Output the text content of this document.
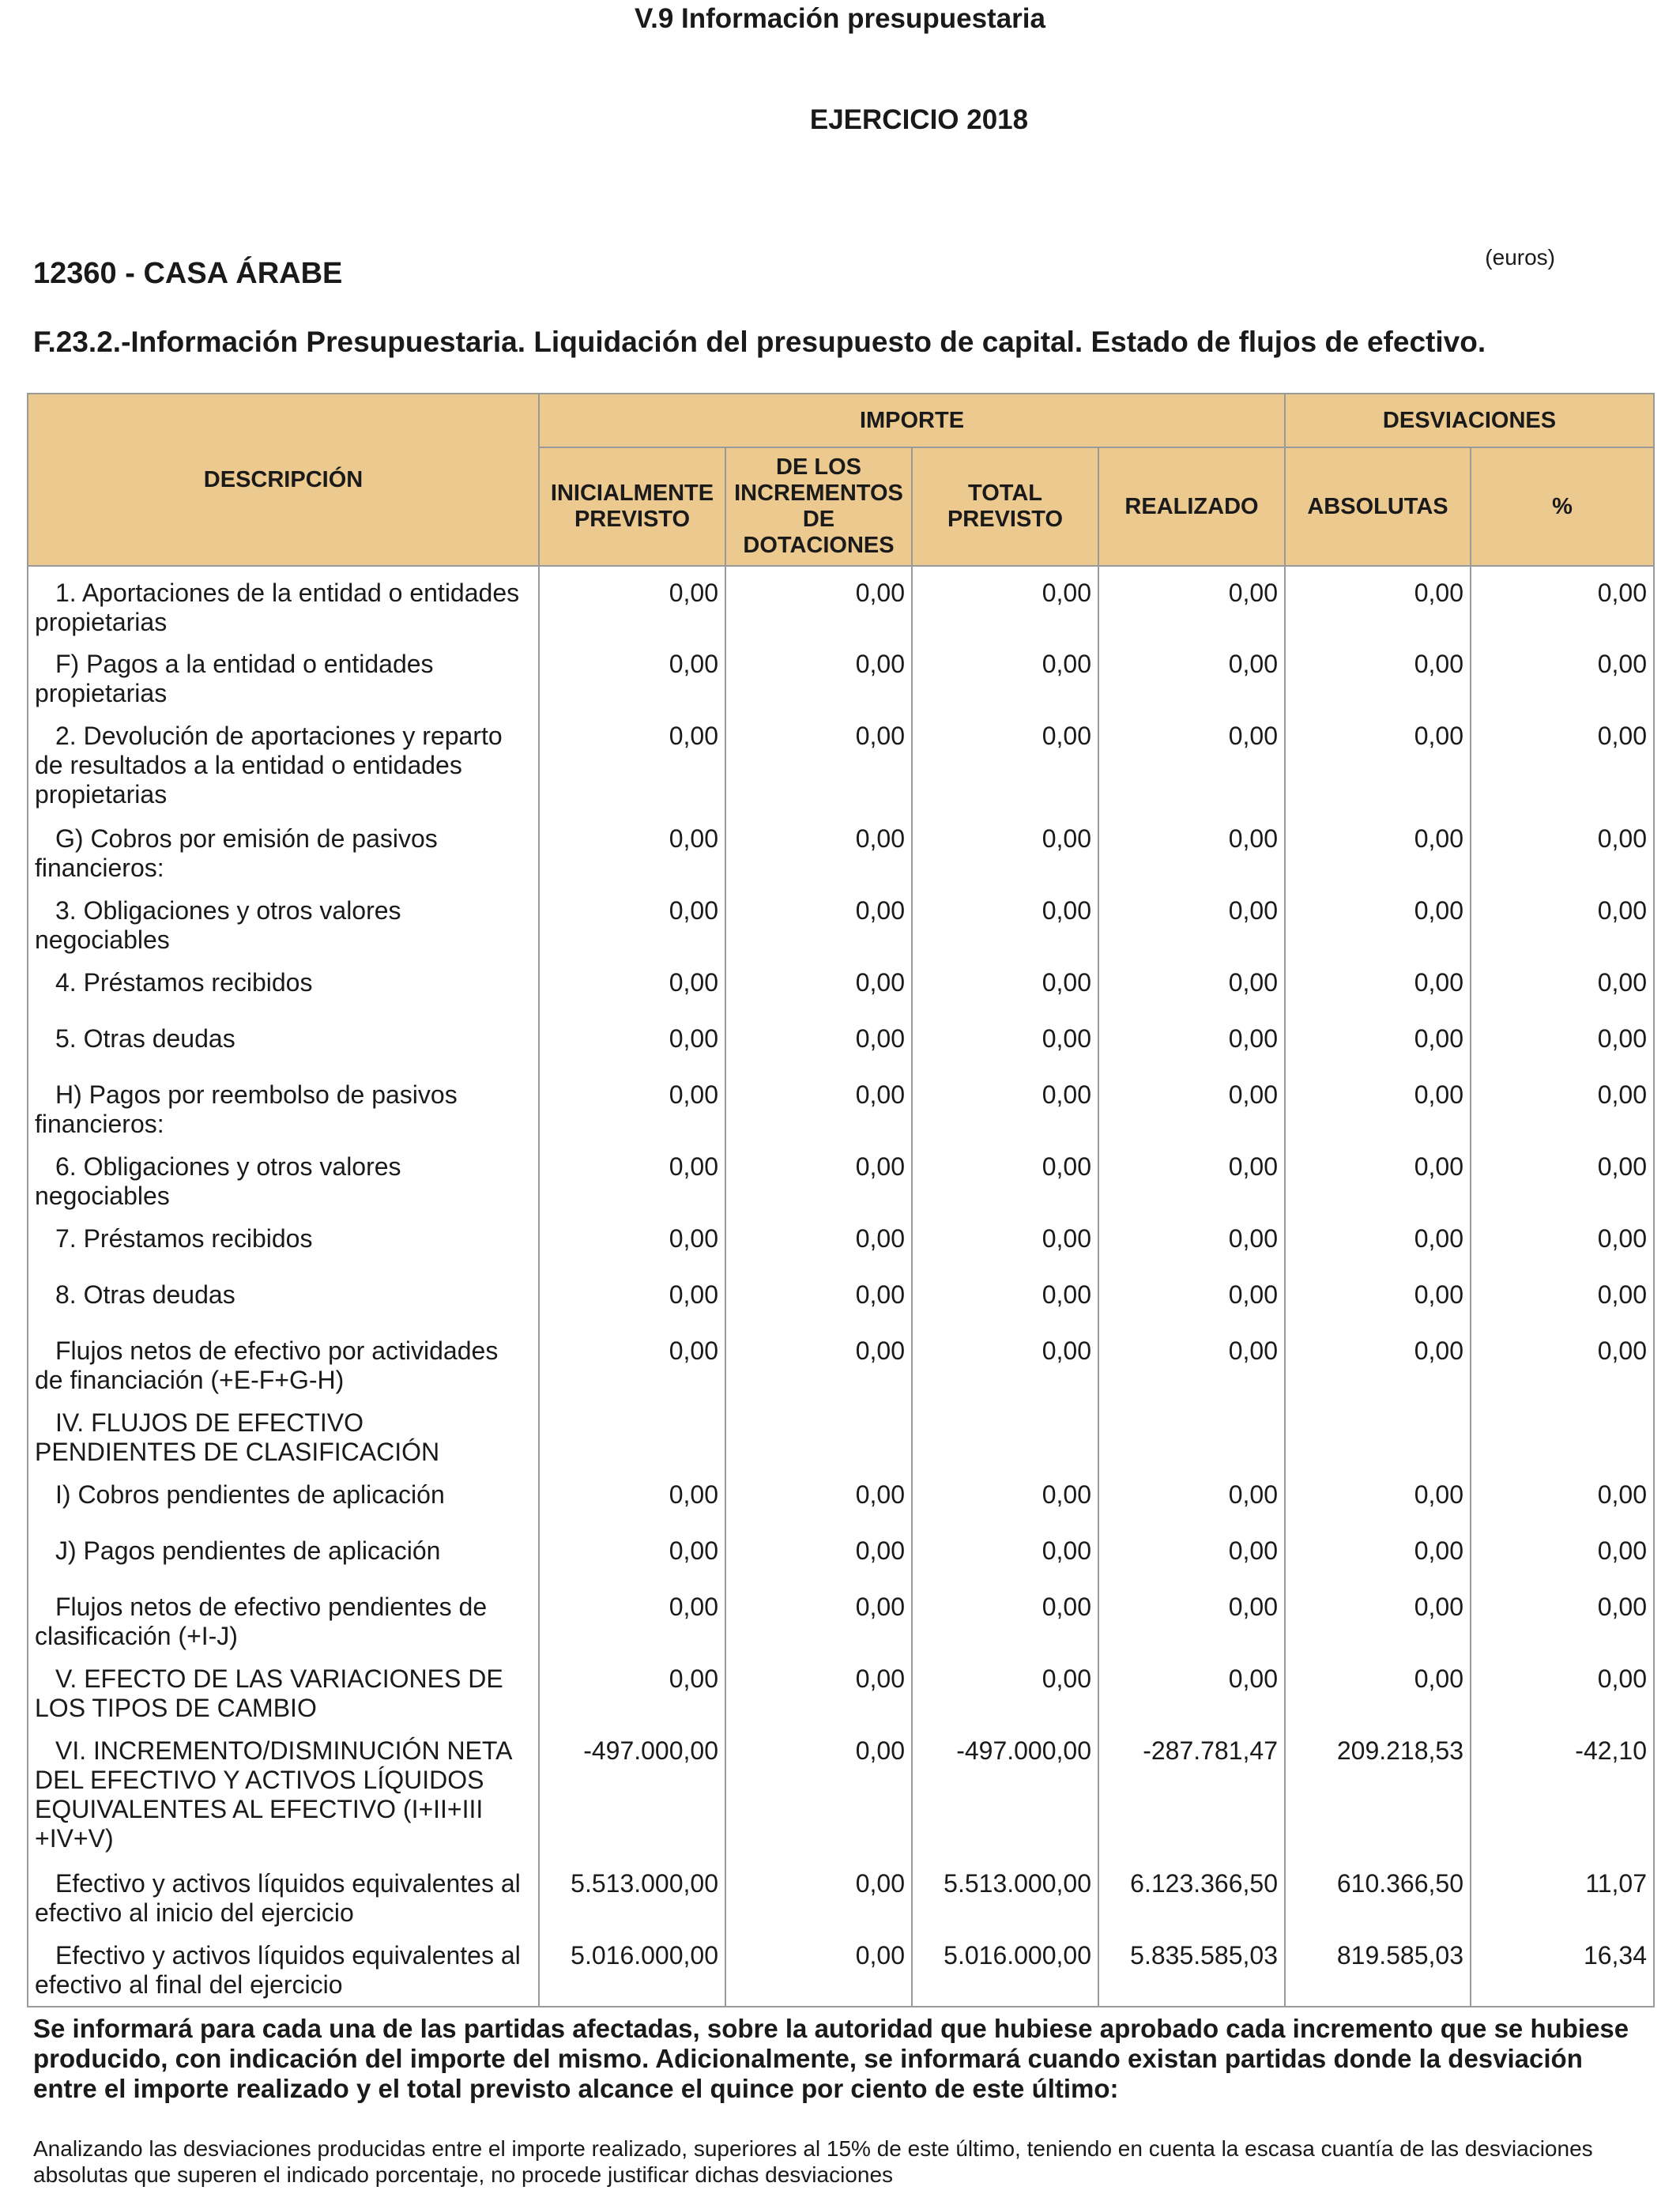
V.9 Información presupuestaria
EJERCICIO 2018
(euros)
12360 - CASA ÁRABE
F.23.2.-Información Presupuestaria. Liquidación del presupuesto de capital. Estado de flujos de efectivo.
DESCRIPCIÓN	IMPORTE				DESVIACIONES	
	INICIALMENTE PREVISTO	DE LOS INCREMENTOS DE DOTACIONES	TOTAL PREVISTO	REALIZADO	ABSOLUTAS	%
1. Aportaciones de la entidad o entidades propietarias	0,00	0,00	0,00	0,00	0,00	0,00
F) Pagos a la entidad o entidades propietarias	0,00	0,00	0,00	0,00	0,00	0,00
2. Devolución de aportaciones y reparto de resultados a la entidad o entidades propietarias	0,00	0,00	0,00	0,00	0,00	0,00
G) Cobros por emisión de pasivos financieros:	0,00	0,00	0,00	0,00	0,00	0,00
3. Obligaciones y otros valores negociables	0,00	0,00	0,00	0,00	0,00	0,00
4. Préstamos recibidos	0,00	0,00	0,00	0,00	0,00	0,00
5. Otras deudas	0,00	0,00	0,00	0,00	0,00	0,00
H) Pagos por reembolso de pasivos financieros:	0,00	0,00	0,00	0,00	0,00	0,00
6. Obligaciones y otros valores negociables	0,00	0,00	0,00	0,00	0,00	0,00
7. Préstamos recibidos	0,00	0,00	0,00	0,00	0,00	0,00
8. Otras deudas	0,00	0,00	0,00	0,00	0,00	0,00
Flujos netos de efectivo por actividades de financiación (+E-F+G-H)	0,00	0,00	0,00	0,00	0,00	0,00
IV. FLUJOS DE EFECTIVO PENDIENTES DE CLASIFICACIÓN						
I) Cobros pendientes de aplicación	0,00	0,00	0,00	0,00	0,00	0,00
J) Pagos pendientes de aplicación	0,00	0,00	0,00	0,00	0,00	0,00
Flujos netos de efectivo pendientes de clasificación (+I-J)	0,00	0,00	0,00	0,00	0,00	0,00
V. EFECTO DE LAS VARIACIONES DE LOS TIPOS DE CAMBIO	0,00	0,00	0,00	0,00	0,00	0,00
VI. INCREMENTO/DISMINUCIÓN NETA DEL EFECTIVO Y ACTIVOS LÍQUIDOS EQUIVALENTES AL EFECTIVO (I+II+III +IV+V)	-497.000,00	0,00	-497.000,00	-287.781,47	209.218,53	-42,10
Efectivo y activos líquidos equivalentes al efectivo al inicio del ejercicio	5.513.000,00	0,00	5.513.000,00	6.123.366,50	610.366,50	11,07
Efectivo y activos líquidos equivalentes al efectivo al final del ejercicio	5.016.000,00	0,00	5.016.000,00	5.835.585,03	819.585,03	16,34
Se informará para cada una de las partidas afectadas, sobre la autoridad que hubiese aprobado cada incremento que se hubiese producido, con indicación del importe del mismo. Adicionalmente, se informará cuando existan partidas donde la desviación entre el importe realizado y el total previsto alcance el quince por ciento de este último:
Analizando las desviaciones producidas entre el importe realizado, superiores al 15% de este último, teniendo en cuenta la escasa cuantía de las desviaciones absolutas que superen el indicado porcentaje, no procede justificar dichas desviaciones
